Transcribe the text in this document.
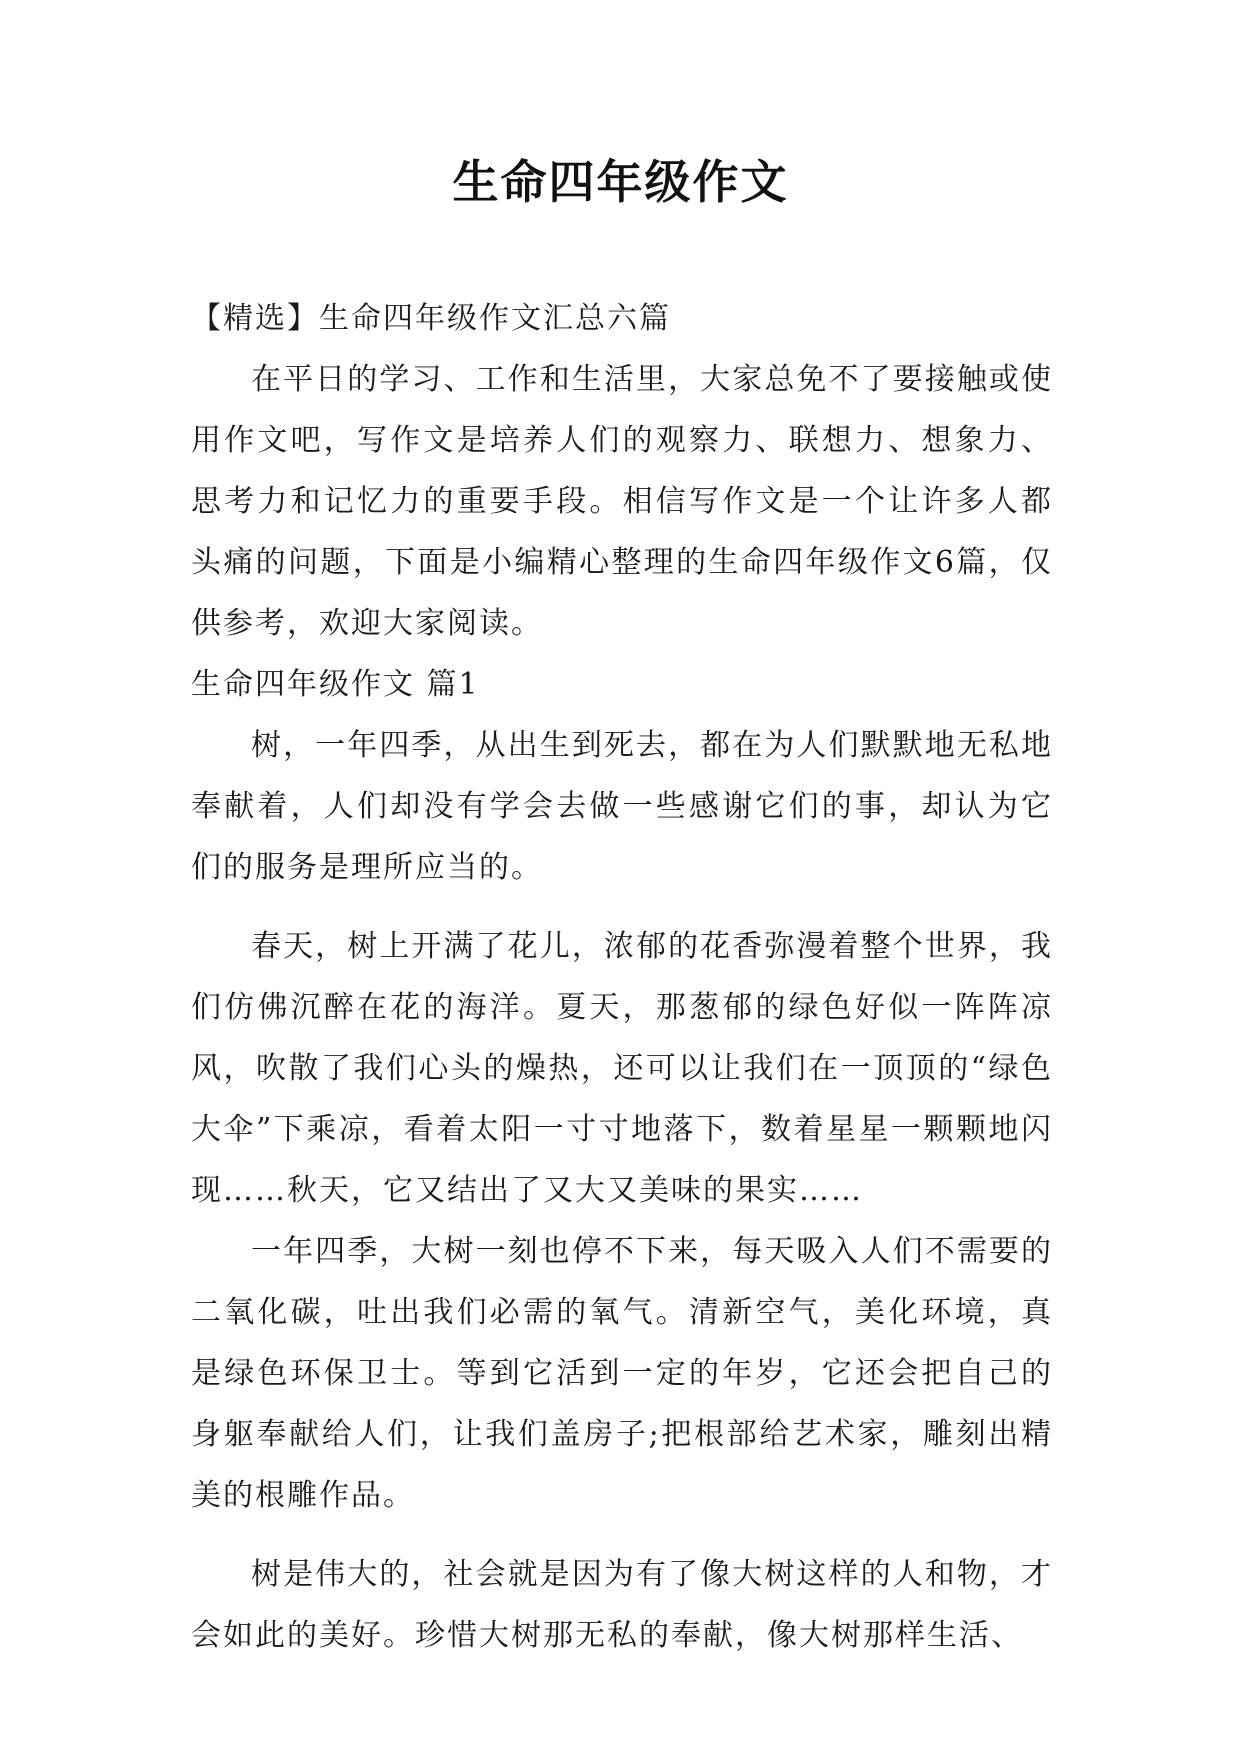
生命四年级作文

【精选】生命四年级作文汇总六篇

在平日的学习、工作和生活里，大家总免不了要接触或使用作文吧，写作文是培养人们的观察力、联想力、想象力、思考力和记忆力的重要手段。相信写作文是一个让许多人都头痛的问题，下面是小编精心整理的生命四年级作文6篇，仅供参考，欢迎大家阅读。

生命四年级作文 篇1

树，一年四季，从出生到死去，都在为人们默默地无私地奉献着，人们却没有学会去做一些感谢它们的事，却认为它们的服务是理所应当的。

春天，树上开满了花儿，浓郁的花香弥漫着整个世界，我们仿佛沉醉在花的海洋。夏天，那葱郁的绿色好似一阵阵凉风，吹散了我们心头的燥热，还可以让我们在一顶顶的“绿色大伞”下乘凉，看着太阳一寸寸地落下，数着星星一颗颗地闪现……秋天，它又结出了又大又美味的果实……

一年四季，大树一刻也停不下来，每天吸入人们不需要的二氧化碳，吐出我们必需的氧气。清新空气，美化环境，真是绿色环保卫士。等到它活到一定的年岁，它还会把自己的身躯奉献给人们，让我们盖房子;把根部给艺术家，雕刻出精美的根雕作品。

树是伟大的，社会就是因为有了像大树这样的人和物，才会如此的美好。珍惜大树那无私的奉献，像大树那样生活、
